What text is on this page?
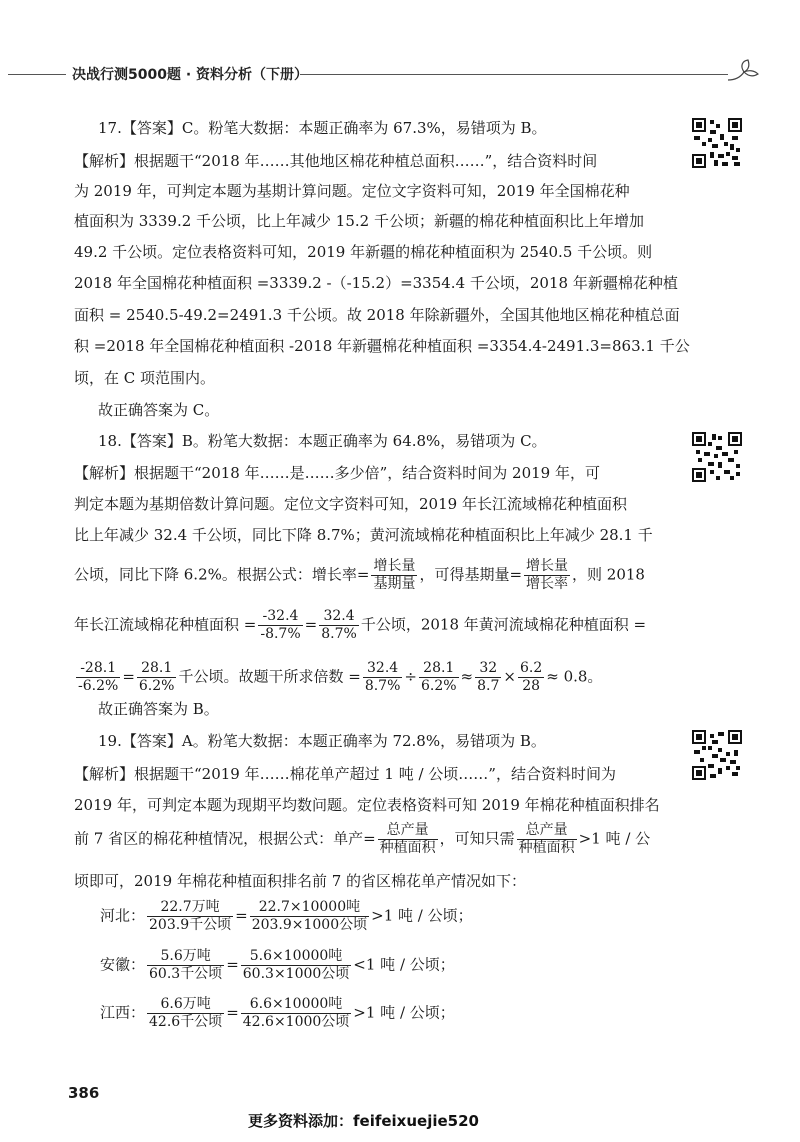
决战行测5000题 · 资料分析（下册）
17.【答案】C。粉笔大数据：本题正确率为 67.3%，易错项为 B。
【解析】根据题干“2018 年……其他地区棉花种植总面积……”，结合资料时间
为 2019 年，可判定本题为基期计算问题。定位文字资料可知，2019 年全国棉花种
植面积为 3339.2 千公顷，比上年减少 15.2 千公顷；新疆的棉花种植面积比上年增加
49.2 千公顷。定位表格资料可知，2019 年新疆的棉花种植面积为 2540.5 千公顷。则
2018 年全国棉花种植面积 =3339.2 -（-15.2）=3354.4 千公顷，2018 年新疆棉花种植
面积 = 2540.5-49.2=2491.3 千公顷。故 2018 年除新疆外，全国其他地区棉花种植总面
积 =2018 年全国棉花种植面积 -2018 年新疆棉花种植面积 =3354.4-2491.3=863.1 千公
顷，在 C 项范围内。
故正确答案为 C。
18.【答案】B。粉笔大数据：本题正确率为 64.8%，易错项为 C。
【解析】根据题干“2018 年……是……多少倍”，结合资料时间为 2019 年，可
判定本题为基期倍数计算问题。定位文字资料可知，2019 年长江流域棉花种植面积
比上年减少 32.4 千公顷，同比下降 8.7%；黄河流域棉花种植面积比上年减少 28.1 千
公顷，同比下降 6.2%。根据公式：增长率= $\frac{\text{增长量}}{\text{基期量}}$ ，可得基期量= $\frac{\text{增长量}}{\text{增长率}}$ ，则 2018
年长江流域棉花种植面积 = $\frac{-32.4}{-8.7\%} = \frac{32.4}{8.7\%}$ 千公顷，2018 年黄河流域棉花种植面积 =
$\frac{-28.1}{-6.2\%} = \frac{28.1}{6.2\%}$ 千公顷。故题干所求倍数 = $\frac{32.4}{8.7\%} \div \frac{28.1}{6.2\%} \approx \frac{32}{8.7} \times \frac{6.2}{28} \approx 0.8$。
故正确答案为 B。
19.【答案】A。粉笔大数据：本题正确率为 72.8%，易错项为 B。
【解析】根据题干“2019 年……棉花单产超过 1 吨 / 公顷……”，结合资料时间为
2019 年，可判定本题为现期平均数问题。定位表格资料可知 2019 年棉花种植面积排名
前 7 省区的棉花种植情况，根据公式：单产= $\frac{\text{总产量}}{\text{种植面积}}$ ，可知只需 $\frac{\text{总产量}}{\text{种植面积}} >1$ 吨 / 公
顷即可，2019 年棉花种植面积排名前 7 的省区棉花单产情况如下：
河北： $\frac{\text{22.7万吨}}{\text{203.9千公顷}} = \frac{\text{22.7×10000吨}}{\text{203.9×1000公顷}} >1$ 吨 / 公顷；
安徽： $\frac{\text{5.6万吨}}{\text{60.3千公顷}} = \frac{\text{5.6×10000吨}}{\text{60.3×1000公顷}} <1$ 吨 / 公顷；
江西： $\frac{\text{6.6万吨}}{\text{42.6千公顷}} = \frac{\text{6.6×10000吨}}{\text{42.6×1000公顷}} >1$ 吨 / 公顷；
386
更多资料添加：feifeixuejie520
